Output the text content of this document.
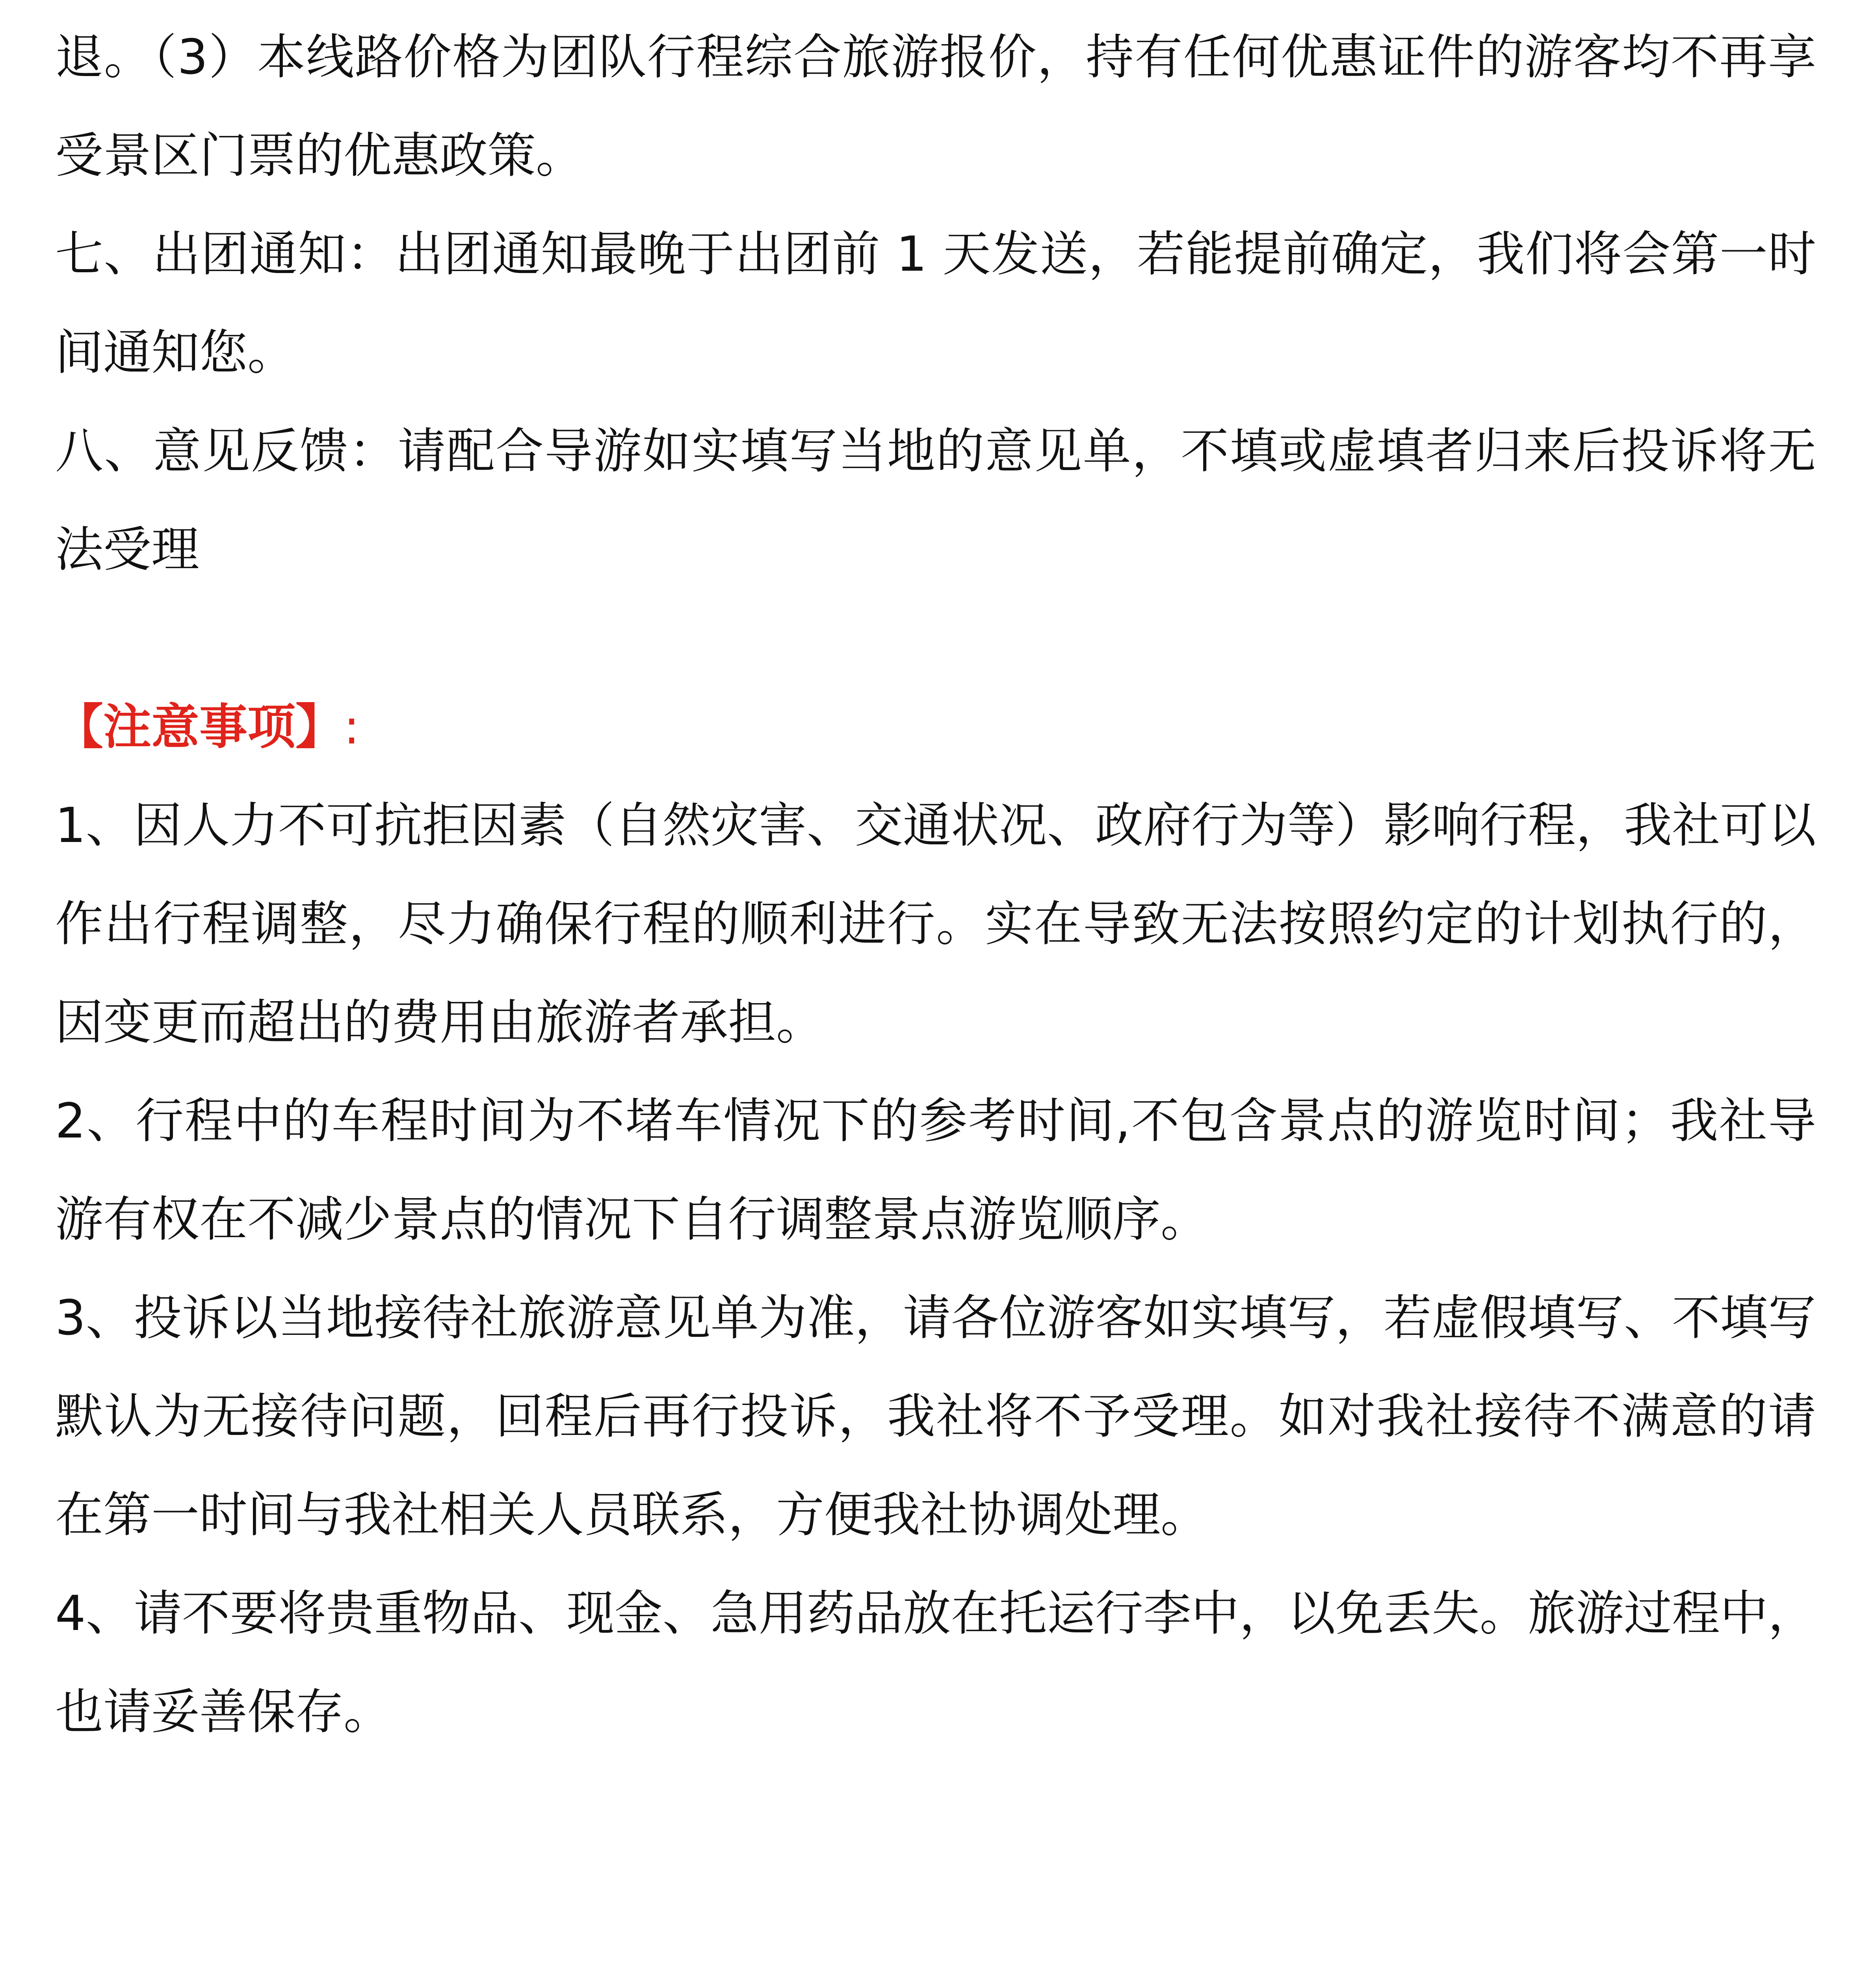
退。（3）本线路价格为团队行程综合旅游报价，持有任何优惠证件的游客均不再享受景区门票的优惠政策。

七、出团通知：出团通知最晚于出团前 1 天发送，若能提前确定，我们将会第一时间通知您。

八、意见反馈：请配合导游如实填写当地的意见单，不填或虚填者归来后投诉将无法受理

【注意事项】:

1、因人力不可抗拒因素（自然灾害、交通状况、政府行为等）影响行程，我社可以作出行程调整，尽力确保行程的顺利进行。实在导致无法按照约定的计划执行的，因变更而超出的费用由旅游者承担。

2、行程中的车程时间为不堵车情况下的参考时间,不包含景点的游览时间；我社导游有权在不减少景点的情况下自行调整景点游览顺序。

3、投诉以当地接待社旅游意见单为准，请各位游客如实填写，若虚假填写、不填写默认为无接待问题，回程后再行投诉，我社将不予受理。如对我社接待不满意的请在第一时间与我社相关人员联系，方便我社协调处理。

4、请不要将贵重物品、现金、急用药品放在托运行李中，以免丢失。旅游过程中，也请妥善保存。
